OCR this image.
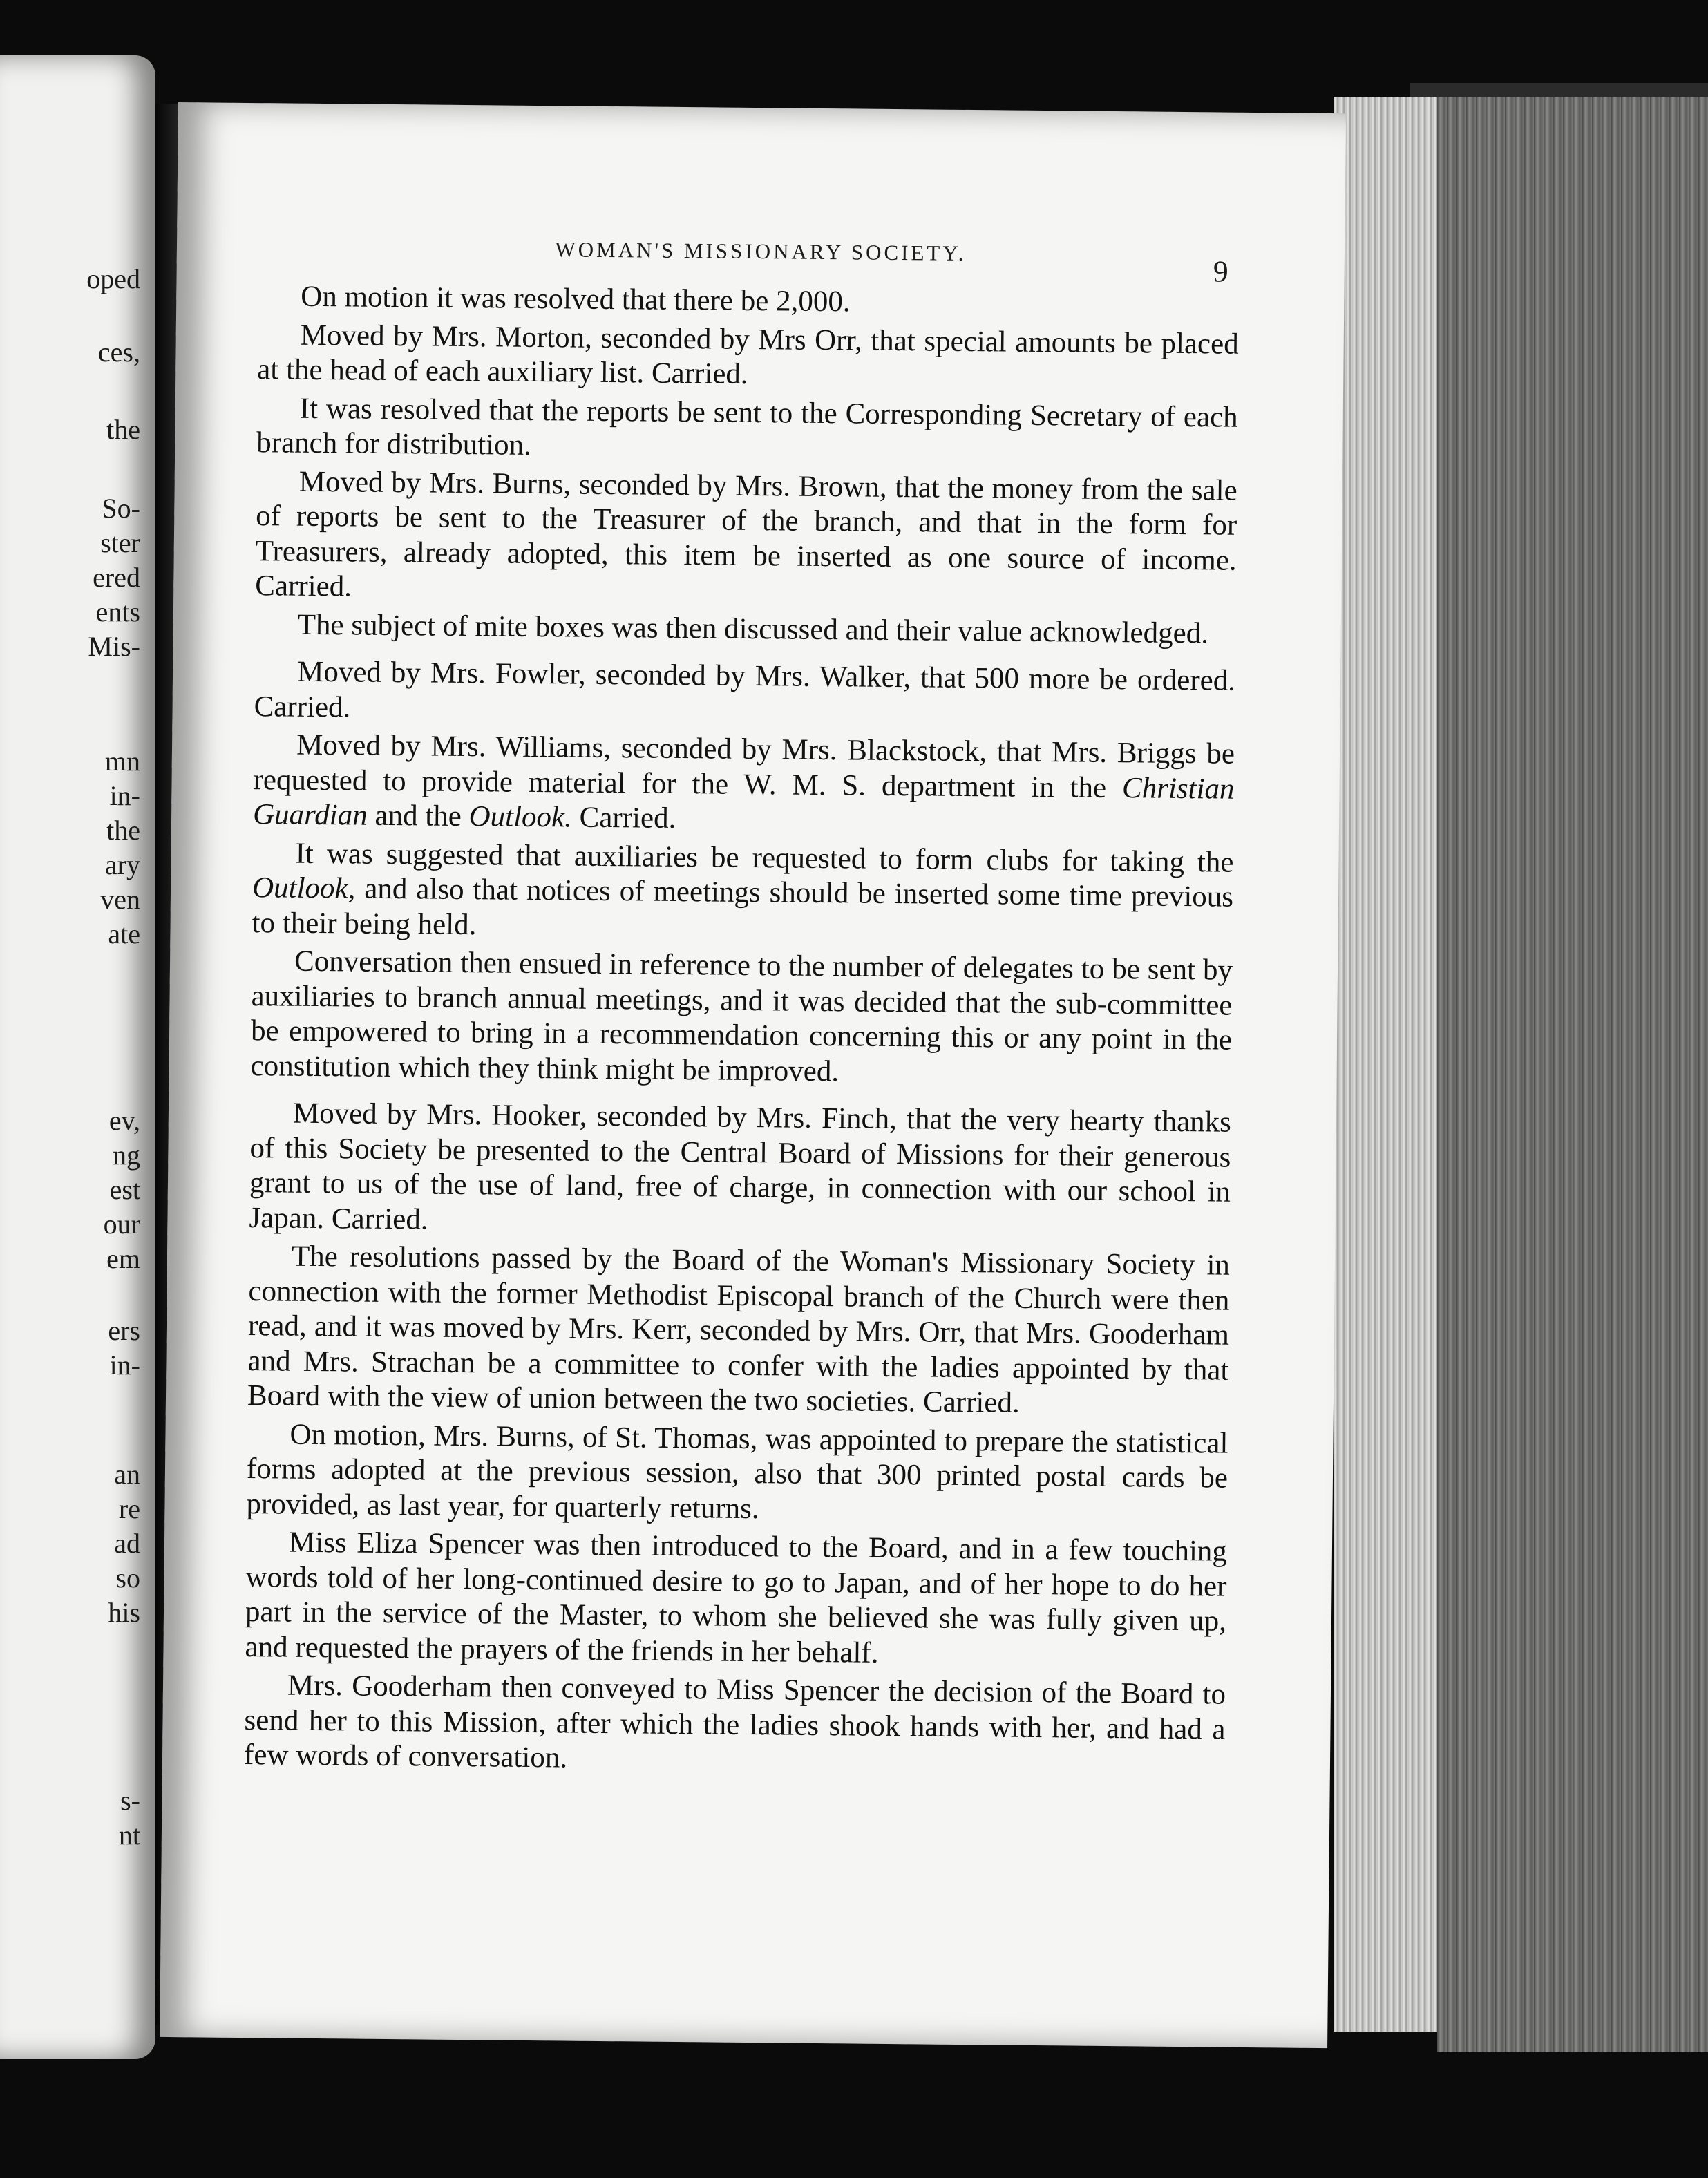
oped
ces,
the
So-
ster
ered
ents
Mis-
mn
in-
the
ary
ven
ate
ev,
ng
est
our
em
ers
in-
an
re
ad
so
his
s-
nt
WOMAN'S MISSIONARY SOCIETY.
9

On motion it was resolved that there be 2,000.

Moved by Mrs. Morton, seconded by Mrs Orr, that special amounts be placed at the head of each auxiliary list. Carried.

It was resolved that the reports be sent to the Corresponding Secretary of each branch for distribution.

Moved by Mrs. Burns, seconded by Mrs. Brown, that the money from the sale of reports be sent to the Treasurer of the branch, and that in the form for Treasurers, already adopted, this item be inserted as one source of income. Carried.

The subject of mite boxes was then discussed and their value acknowledged.

Moved by Mrs. Fowler, seconded by Mrs. Walker, that 500 more be ordered. Carried.

Moved by Mrs. Williams, seconded by Mrs. Blackstock, that Mrs. Briggs be requested to provide material for the W. M. S. department in the Christian Guardian and the Outlook. Carried.

It was suggested that auxiliaries be requested to form clubs for taking the Outlook, and also that notices of meetings should be inserted some time previous to their being held.

Conversation then ensued in reference to the number of delegates to be sent by auxiliaries to branch annual meetings, and it was decided that the sub-committee be empowered to bring in a recommendation concerning this or any point in the constitution which they think might be improved.

Moved by Mrs. Hooker, seconded by Mrs. Finch, that the very hearty thanks of this Society be presented to the Central Board of Missions for their generous grant to us of the use of land, free of charge, in connection with our school in Japan. Carried.

The resolutions passed by the Board of the Woman's Missionary Society in connection with the former Methodist Episcopal branch of the Church were then read, and it was moved by Mrs. Kerr, seconded by Mrs. Orr, that Mrs. Gooderham and Mrs. Strachan be a committee to confer with the ladies appointed by that Board with the view of union between the two societies. Carried.

On motion, Mrs. Burns, of St. Thomas, was appointed to prepare the statistical forms adopted at the previous session, also that 300 printed postal cards be provided, as last year, for quarterly returns.

Miss Eliza Spencer was then introduced to the Board, and in a few touching words told of her long-continued desire to go to Japan, and of her hope to do her part in the service of the Master, to whom she believed she was fully given up, and requested the prayers of the friends in her behalf.

Mrs. Gooderham then conveyed to Miss Spencer the decision of the Board to send her to this Mission, after which the ladies shook hands with her, and had a few words of conversation.
